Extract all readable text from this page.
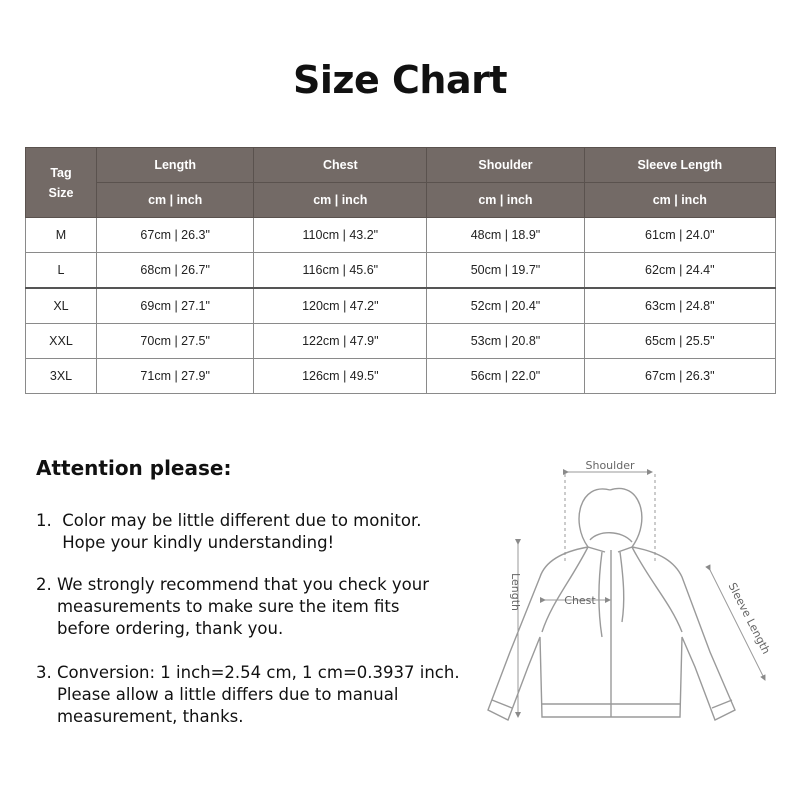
Size Chart
Tag
Size	Length	Chest	Shoulder	Sleeve Length
	cm | inch	cm | inch	cm | inch	cm | inch
M	67cm | 26.3"	110cm | 43.2"	48cm | 18.9"	61cm | 24.0"
L	68cm | 26.7"	116cm | 45.6"	50cm | 19.7"	62cm | 24.4"
XL	69cm | 27.1"	120cm | 47.2"	52cm | 20.4"	63cm | 24.8"
XXL	70cm | 27.5"	122cm | 47.9"	53cm | 20.8"	65cm | 25.5"
3XL	71cm | 27.9"	126cm | 49.5"	56cm | 22.0"	67cm | 26.3"
Attention please:
1.  Color may be little different due to monitor.
Hope your kindly understanding!
2. We strongly recommend that you check your
measurements to make sure the item fits
before ordering, thank you.
3. Conversion: 1 inch=2.54 cm, 1 cm=0.3937 inch.
Please allow a little differs due to manual
measurement, thanks.
Shoulder
Chest
Length	Sleeve Length
